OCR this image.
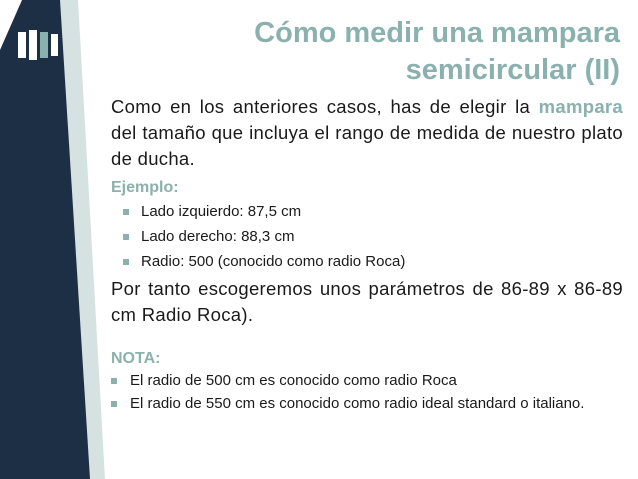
Cómo medir una mampara
semicircular (II)

Como en los anteriores casos, has de elegir la mampara del tamaño que incluya el rango de medida de nuestro plato de ducha.

Ejemplo:

Lado izquierdo: 87,5 cm

Lado derecho: 88,3 cm

Radio: 500 (conocido como radio Roca)

Por tanto escogeremos unos parámetros de 86-89 x 86-89 cm Radio Roca).

NOTA:

El radio de 500 cm es conocido como radio Roca

El radio de 550 cm es conocido como radio ideal standard o italiano.
